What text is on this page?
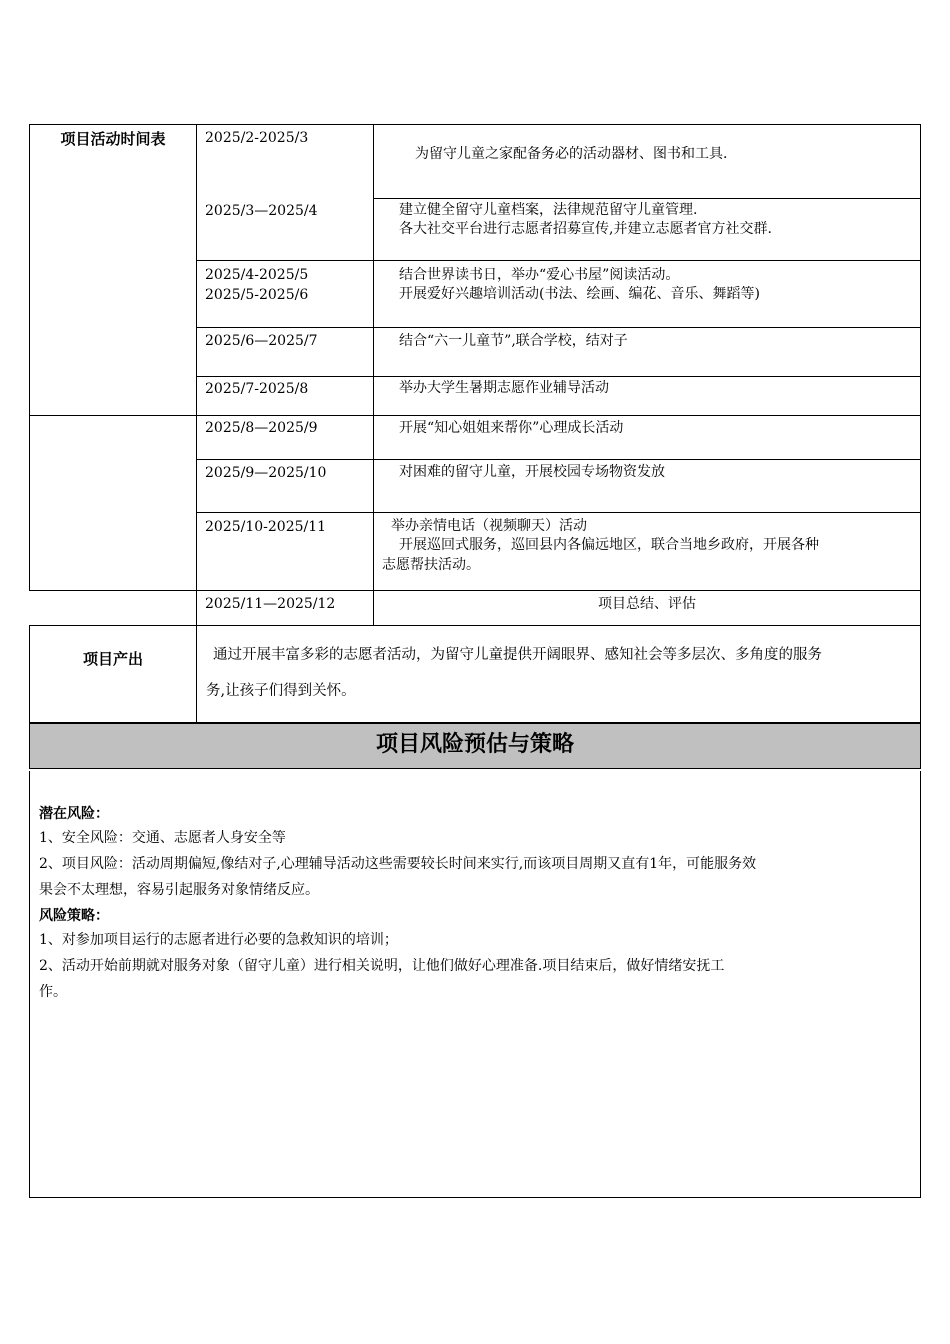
项目活动时间表
项目产出
2025/2-2025/3
2025/3—2025/4
2025/4-2025/5
2025/5-2025/6
2025/6—2025/7
2025/7-2025/8
2025/8—2025/9
2025/9—2025/10
2025/10-2025/11
2025/11—2025/12
为留守儿童之家配备务必的活动器材、图书和工具.
建立健全留守儿童档案，法律规范留守儿童管理.
各大社交平台进行志愿者招募宣传,并建立志愿者官方社交群.
结合世界读书日，举办“爱心书屋”阅读活动。
开展爱好兴趣培训活动(书法、绘画、编花、音乐、舞蹈等)
结合“六一儿童节”,联合学校，结对子
举办大学生暑期志愿作业辅导活动
开展“知心姐姐来帮你”心理成长活动
对困难的留守儿童，开展校园专场物资发放
举办亲情电话（视频聊天）活动
开展巡回式服务，巡回县内各偏远地区，联合当地乡政府，开展各种
志愿帮扶活动。
项目总结、评估
通过开展丰富多彩的志愿者活动，为留守儿童提供开阔眼界、感知社会等多层次、多角度的服务
务,让孩子们得到关怀。
项目风险预估与策略
潜在风险：
1、安全风险：交通、志愿者人身安全等
2、项目风险：活动周期偏短,像结对子,心理辅导活动这些需要较长时间来实行,而该项目周期又直有1年，可能服务效
果会不太理想，容易引起服务对象情绪反应。
风险策略：
1、对参加项目运行的志愿者进行必要的急救知识的培训；
2、活动开始前期就对服务对象（留守儿童）进行相关说明，让他们做好心理准备.项目结束后，做好情绪安抚工
作。
